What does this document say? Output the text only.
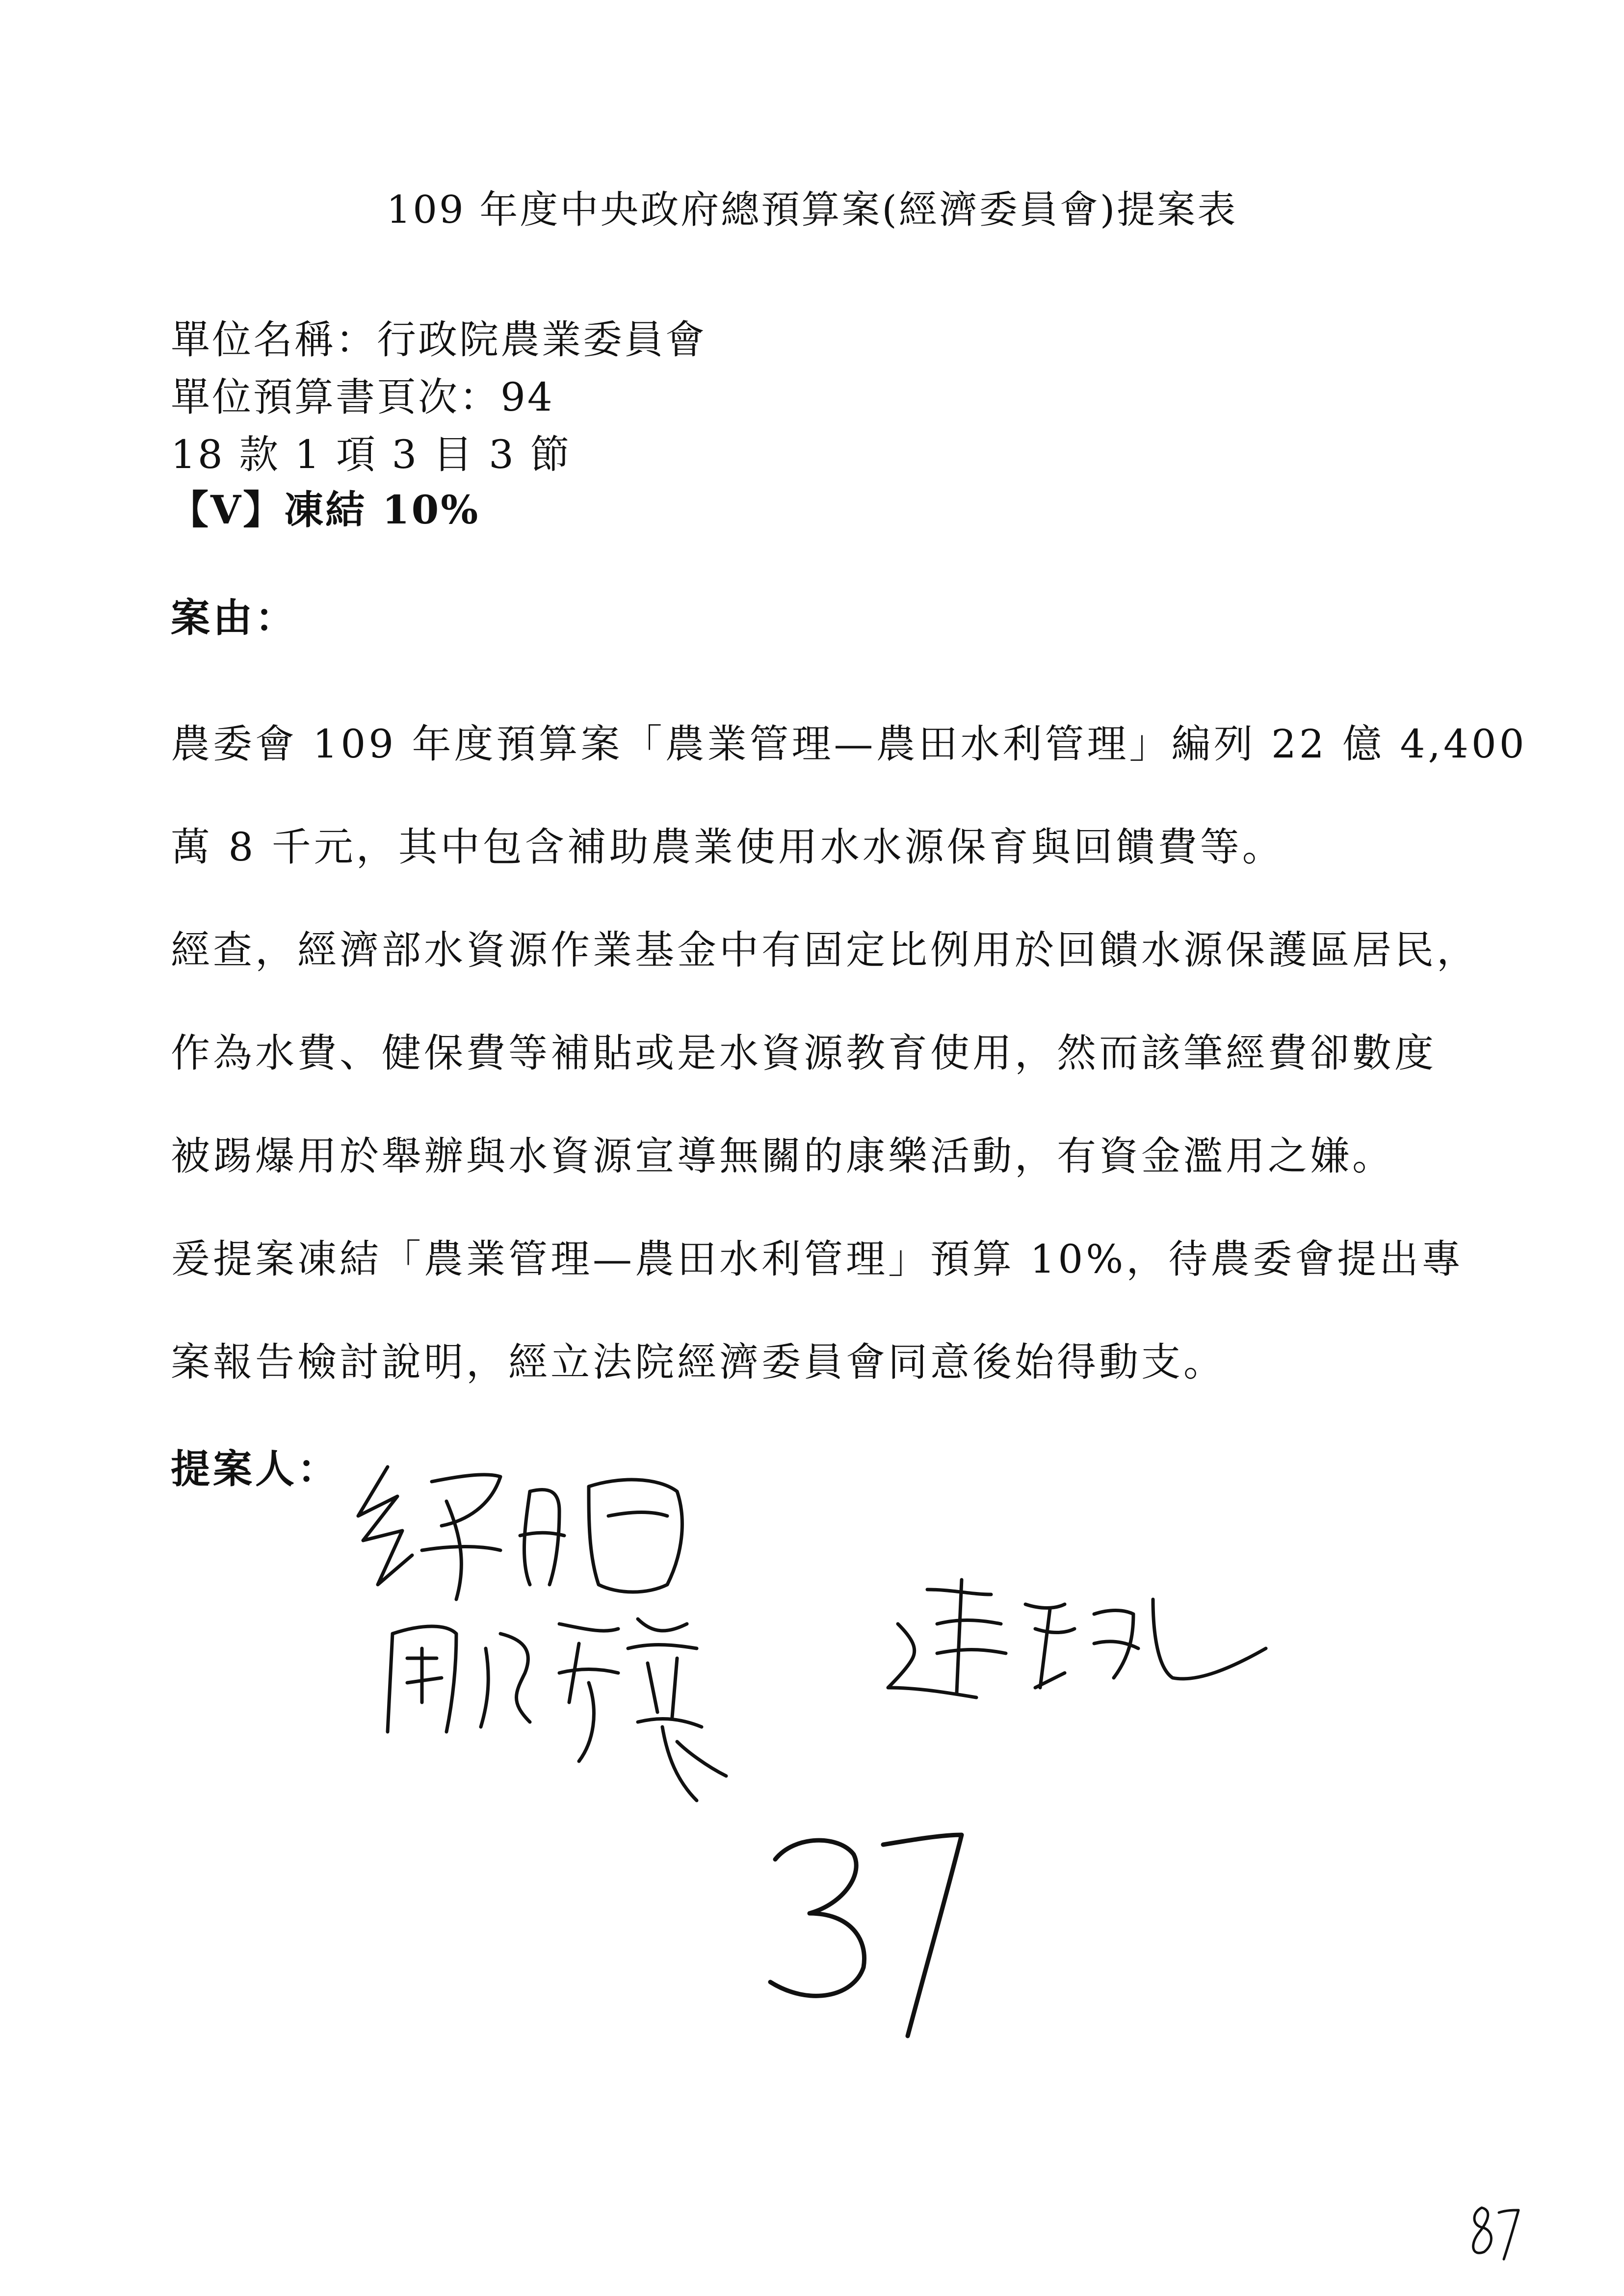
109 年度中央政府總預算案(經濟委員會)提案表
單位名稱：行政院農業委員會
單位預算書頁次：94
18 款 1 項 3 目 3 節
【V】凍結 10%
案由：
農委會 109 年度預算案「農業管理—農田水利管理」編列 22 億 4,400
萬 8 千元，其中包含補助農業使用水水源保育與回饋費等。
經查，經濟部水資源作業基金中有固定比例用於回饋水源保護區居民，
作為水費、健保費等補貼或是水資源教育使用，然而該筆經費卻數度
被踢爆用於舉辦與水資源宣導無關的康樂活動，有資金濫用之嫌。
爰提案凍結「農業管理—農田水利管理」預算 10%，待農委會提出專
案報告檢討說明，經立法院經濟委員會同意後始得動支。
提案人：
